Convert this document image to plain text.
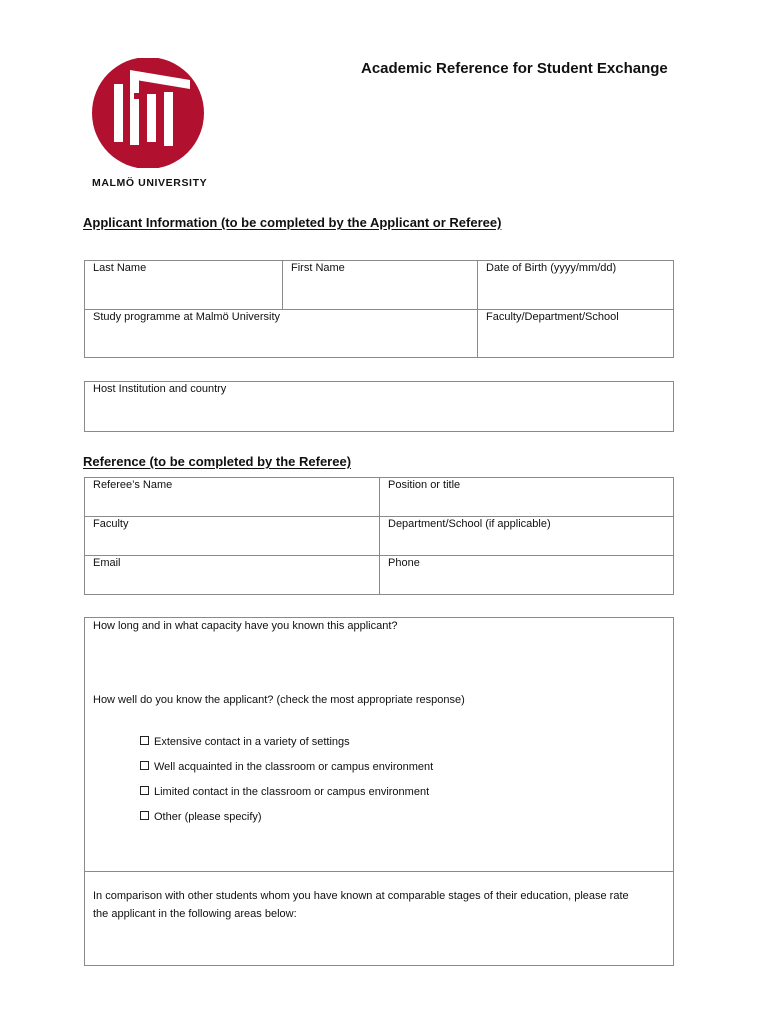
MALMÖ UNIVERSITY
Academic Reference for Student Exchange
Applicant Information (to be completed by the Applicant or Referee)
Last Name	First Name	Date of Birth (yyyy/mm/dd)
Study programme at Malmö University	Faculty/Department/School
Host Institution and country
Reference (to be completed by the Referee)
Referee’s Name	Position or title
Faculty	Department/School (if applicable)
Email	Phone
How long and in what capacity have you known this applicant?
How well do you know the applicant? (check the most appropriate response)
Extensive contact in a variety of settings
Well acquainted in the classroom or campus environment
Limited contact in the classroom or campus environment
Other (please specify)
In comparison with other students whom you have known at comparable stages of their education, please rate
the applicant in the following areas below:
